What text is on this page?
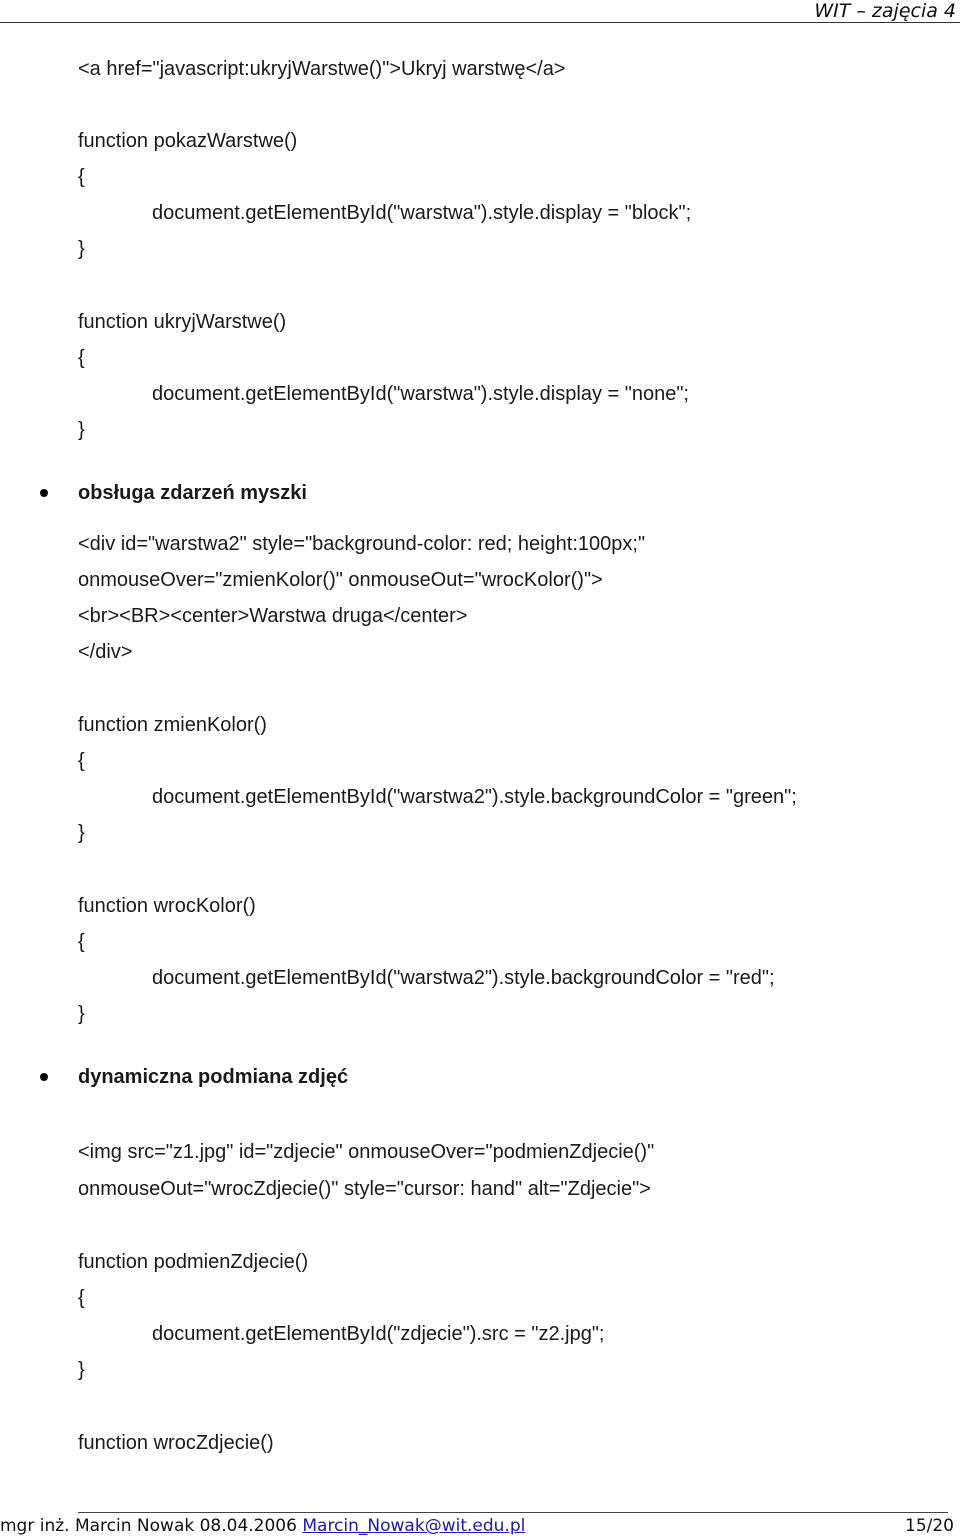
WIT – zajęcia 4
<a href="javascript:ukryjWarstwe()">Ukryj warstwę</a>
function pokazWarstwe()
{
document.getElementById("warstwa").style.display = "block";
}
function ukryjWarstwe()
{
document.getElementById("warstwa").style.display = "none";
}
obsługa zdarzeń myszki
<div id="warstwa2" style="background-color: red; height:100px;"
onmouseOver="zmienKolor()" onmouseOut="wrocKolor()">
<br><BR><center>Warstwa druga</center>
</div>
function zmienKolor()
{
document.getElementById("warstwa2").style.backgroundColor = "green";
}
function wrocKolor()
{
document.getElementById("warstwa2").style.backgroundColor = "red";
}
dynamiczna podmiana zdjęć
<img src="z1.jpg" id="zdjecie" onmouseOver="podmienZdjecie()"
onmouseOut="wrocZdjecie()" style="cursor: hand" alt="Zdjecie">
function podmienZdjecie()
{
document.getElementById("zdjecie").src = "z2.jpg";
}
function wrocZdjecie()
mgr inż. Marcin Nowak 08.04.2006 Marcin_Nowak@wit.edu.pl	15/20
